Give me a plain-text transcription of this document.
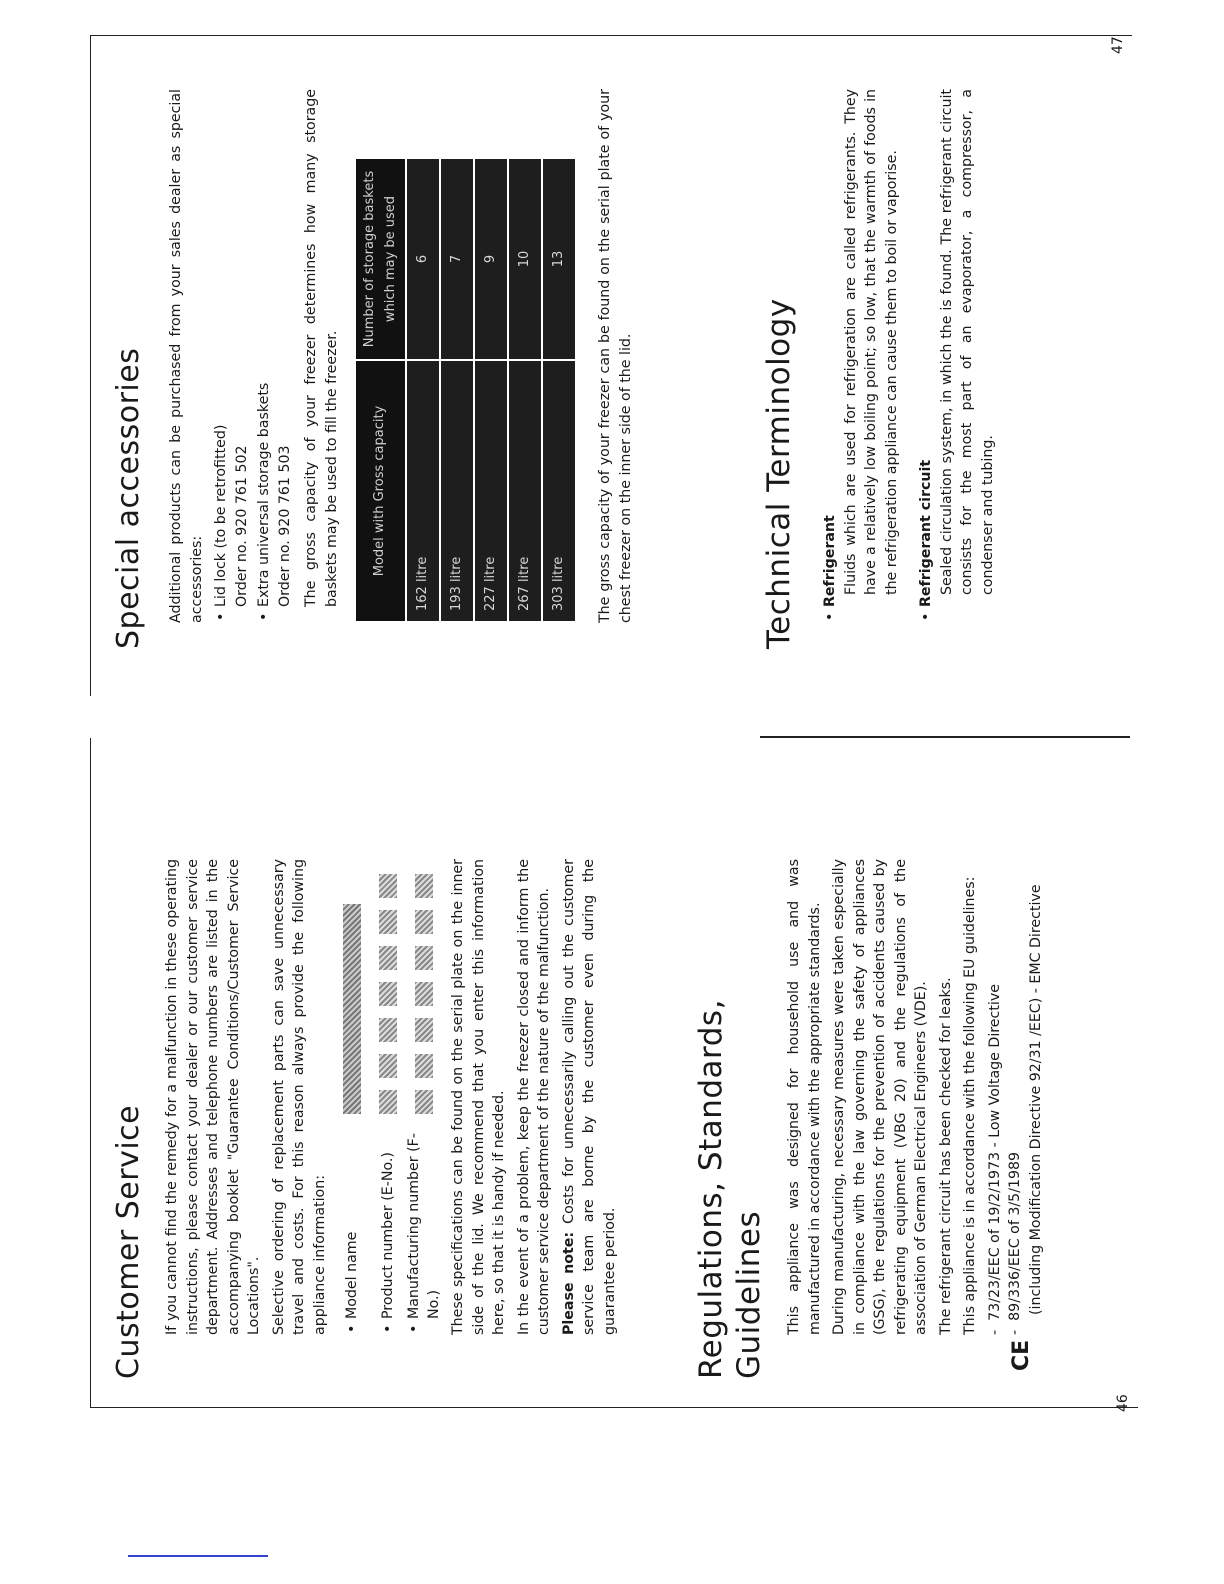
46
47
Customer Service If you cannot find the remedy for a malfunction in these operating instructions, please contact your dealer or our customer service department. Addresses and telephone numbers are listed in the accompanying booklet "Guarantee Conditions/Customer Service Locations". Selective ordering of replacement parts can save unnecessary travel and costs. For this reason always provide the following appliance information: • Model name • Product number (E-No.) • Manufacturing number (F-No.) These specifications can be found on the serial plate on the inner side of the lid. We recommend that you enter this information here, so that it is handy if needed. In the event of a problem, keep the freezer closed and inform the customer service department of the nature of the malfunction. Please note: Costs for unnecessarily calling out the customer service team are borne by the customer even during the guarantee period. Regulations, Standards, Guidelines This appliance was designed for household use and was manufactured in accordance with the appropriate standards. During manufacturing, necessary measures were taken especially in compliance with the law governing the safety of appliances (GSG), the regulations for the prevention of accidents caused by refrigerating equipment (VBG 20) and the regulations of the association of German Electrical Engineers (VDE). The refrigerant circuit has been checked for leaks.

CE

This appliance is in accordance with the following EU guidelines: -  73/23/EEC of 19/2/1973 - Low Voltage Directive
-  89/336/EEC of 3/5/1989 (including Modification Directive 92/31 /EEC) - EMC Directive
Special accessories Additional products can be purchased from your sales dealer as special accessories: • Lid lock (to be retrofitted) Order no. 920 761 502 • Extra universal storage baskets Order no. 920 761 503 The gross capacity of your freezer determines how many storage baskets may be used to fill the freezer.	Model with Gross capacity	Number of storage baskets which may be used
162 litre	6
193 litre	7
227 litre	9
267 litre	10
303 litre	13 The gross capacity of your freezer can be found on the serial plate of your chest freezer on the inner side of the lid.	Technical Terminology • Refrigerant Fluids which are used for refrigeration are called refrigerants. They have a relatively low boiling point; so low, that the warmth of foods in the refrigeration appliance can cause them to boil or vaporise. • Refrigerant circuit Sealed circulation system, in which the is found. The refrigerant circuit consists for the most part of an evaporator, a compressor, a condenser and tubing.
